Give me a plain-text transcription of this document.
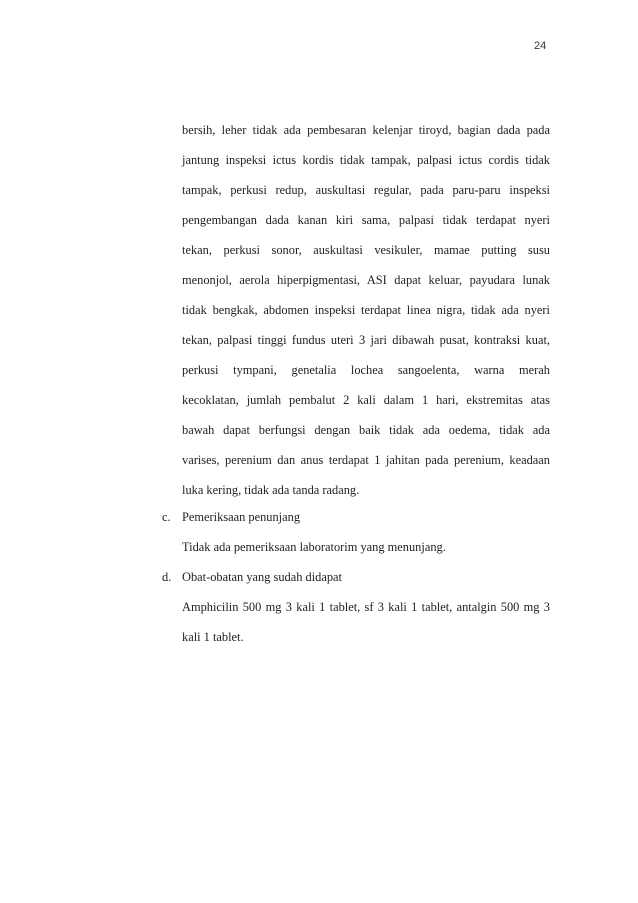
24
bersih, leher tidak ada pembesaran kelenjar tiroyd, bagian dada pada
jantung inspeksi ictus kordis tidak tampak, palpasi ictus cordis tidak
tampak, perkusi redup, auskultasi regular, pada paru-paru inspeksi
pengembangan dada kanan kiri sama, palpasi tidak terdapat nyeri
tekan, perkusi sonor, auskultasi vesikuler, mamae putting susu
menonjol, aerola hiperpigmentasi, ASI dapat keluar, payudara lunak
tidak bengkak, abdomen inspeksi terdapat linea nigra, tidak ada nyeri
tekan, palpasi tinggi fundus uteri 3 jari dibawah pusat, kontraksi kuat,
perkusi tympani, genetalia lochea sangoelenta, warna merah
kecoklatan, jumlah pembalut 2 kali dalam 1 hari, ekstremitas atas
bawah dapat berfungsi dengan baik tidak ada oedema, tidak ada
varises, perenium dan anus terdapat 1 jahitan pada perenium, keadaan
luka kering, tidak ada tanda radang.
c. Pemeriksaan penunjang
Tidak ada pemeriksaan laboratorim yang menunjang.
d. Obat-obatan yang sudah didapat
Amphicilin 500 mg 3 kali 1 tablet, sf 3 kali 1 tablet, antalgin 500 mg 3
kali 1 tablet.
